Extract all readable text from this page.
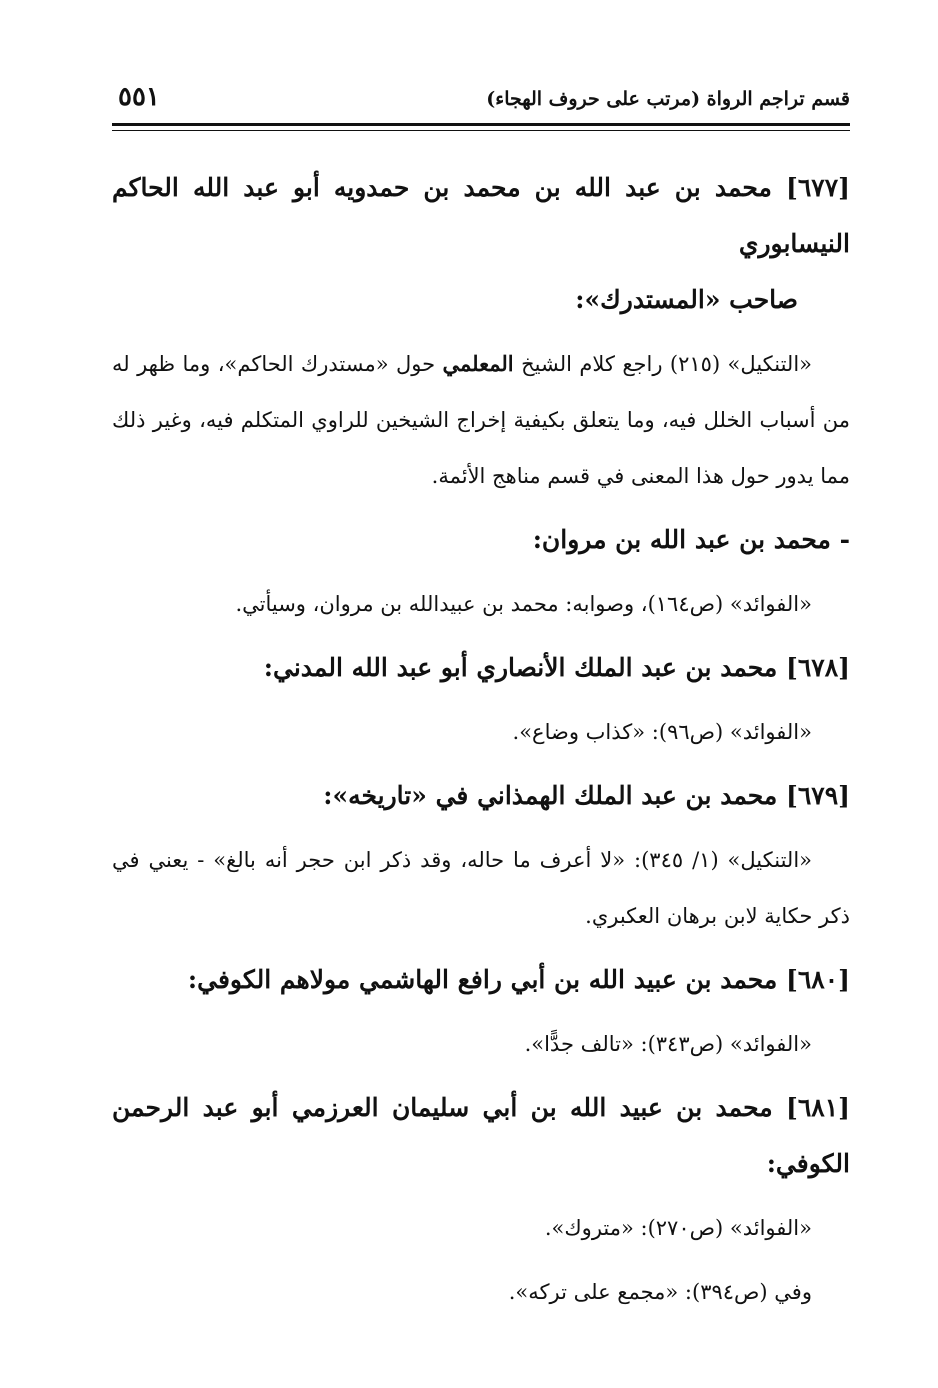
قسم تراجم الرواة (مرتب على حروف الهجاء)
٥٥١

[٦٧٧] محمد بن عبد الله بن محمد بن حمدويه أبو عبد الله الحاكم النيسابوري
صاحب «المستدرك»:

«التنكيل» (٢١٥) راجع كلام الشيخ المعلمي حول «مستدرك الحاكم»، وما ظهر له من أسباب الخلل فيه، وما يتعلق بكيفية إخراج الشيخين للراوي المتكلم فيه، وغير ذلك مما يدور حول هذا المعنى في قسم مناهج الأئمة.

- محمد بن عبد الله بن مروان:

«الفوائد» (ص١٦٤)، وصوابه: محمد بن عبيدالله بن مروان، وسيأتي.

[٦٧٨] محمد بن عبد الملك الأنصاري أبو عبد الله المدني:

«الفوائد» (ص٩٦): «كذاب وضاع».

[٦٧٩] محمد بن عبد الملك الهمذاني في «تاريخه»:

«التنكيل» (١/ ٣٤٥): «لا أعرف ما حاله، وقد ذكر ابن حجر أنه بالغ» - يعني في ذكر حكاية لابن برهان العكبري.

[٦٨٠] محمد بن عبيد الله بن أبي رافع الهاشمي مولاهم الكوفي:

«الفوائد» (ص٣٤٣): «تالف جدًّا».

[٦٨١] محمد بن عبيد الله بن أبي سليمان العرزمي أبو عبد الرحمن الكوفي:

«الفوائد» (ص٢٧٠): «متروك».

وفي (ص٣٩٤): «مجمع على تركه».
